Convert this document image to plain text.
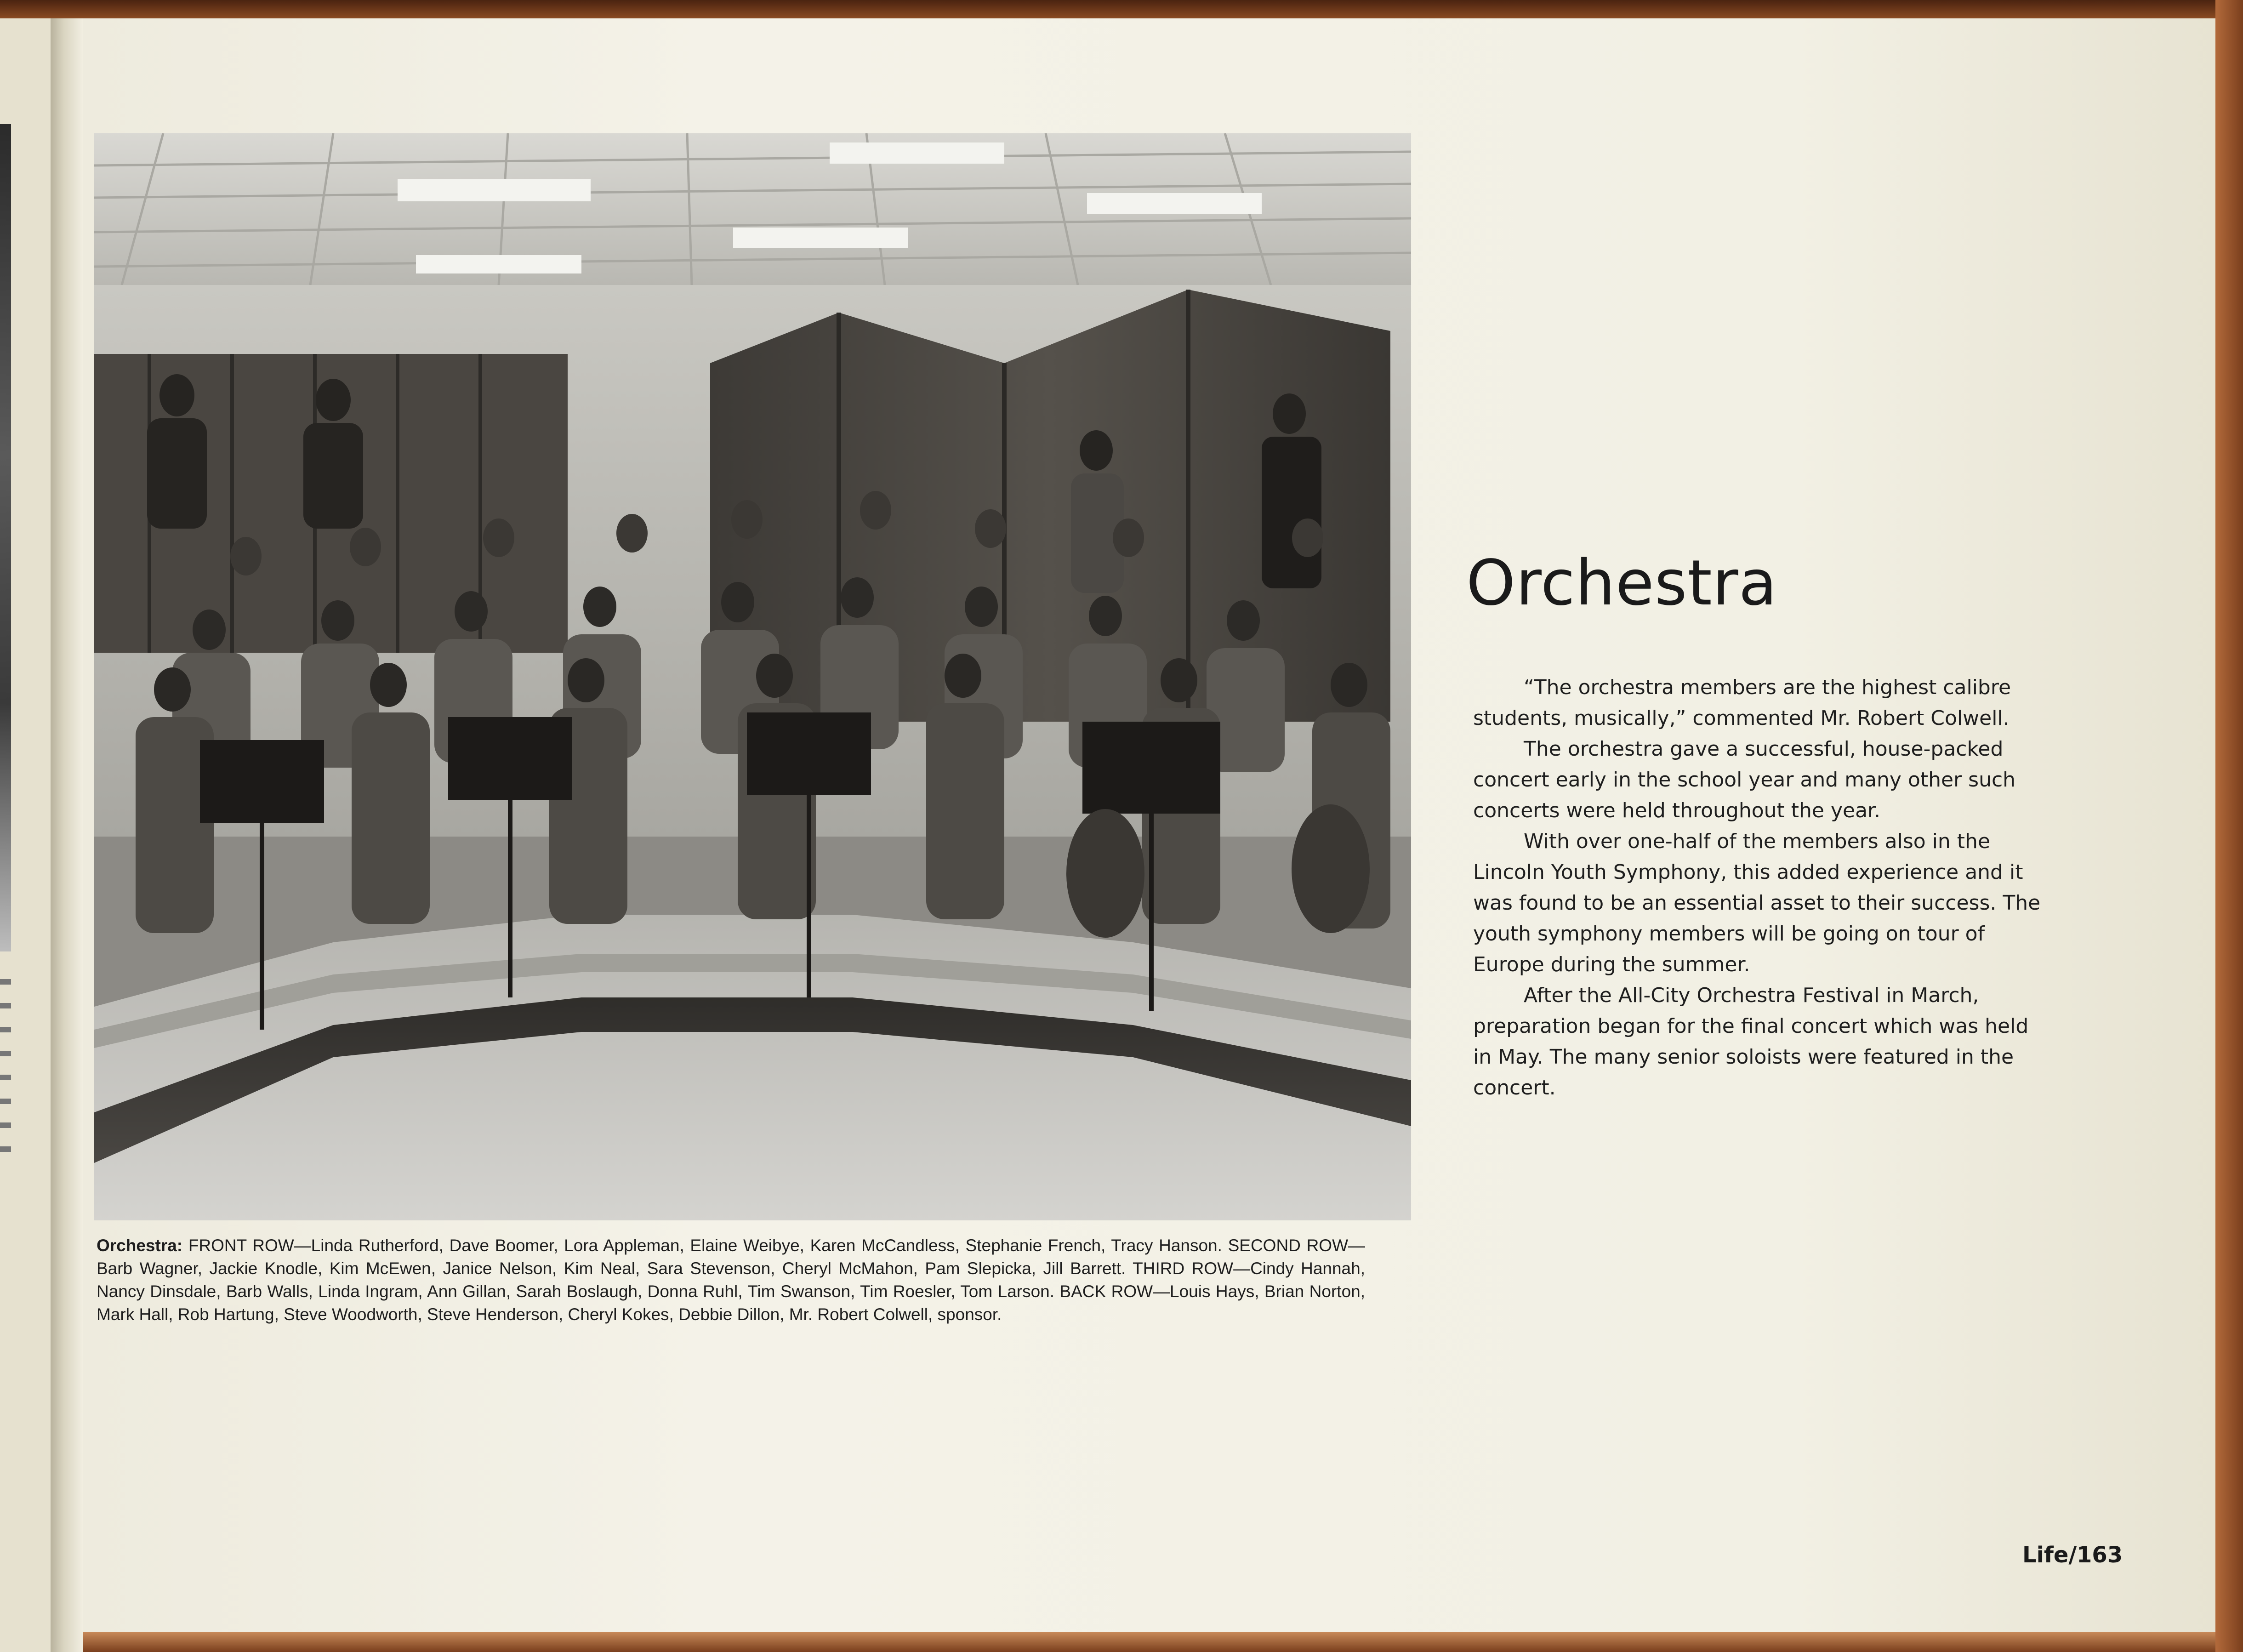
Orchestra: FRONT ROW—Linda Rutherford, Dave Boomer, Lora Appleman, Elaine Weibye, Karen McCandless, Stephanie French, Tracy Hanson. SECOND ROW—Barb Wagner, Jackie Knodle, Kim McEwen, Janice Nelson, Kim Neal, Sara Stevenson, Cheryl McMahon, Pam Slepicka, Jill Barrett. THIRD ROW—Cindy Hannah, Nancy Dinsdale, Barb Walls, Linda Ingram, Ann Gillan, Sarah Boslaugh, Donna Ruhl, Tim Swanson, Tim Roesler, Tom Larson. BACK ROW—Louis Hays, Brian Norton, Mark Hall, Rob Hartung, Steve Woodworth, Steve Henderson, Cheryl Kokes, Debbie Dillon, Mr. Robert Colwell, sponsor.

Orchestra

“The orchestra members are the highest calibre students, musically,” commented Mr. Robert Colwell.

The orchestra gave a successful, house-packed concert early in the school year and many other such concerts were held throughout the year.

With over one-half of the members also in the Lincoln Youth Symphony, this added experience and it was found to be an essential asset to their success. The youth symphony members will be going on tour of Europe during the summer.

After the All-City Orchestra Festival in March, preparation began for the final concert which was held in May. The many senior soloists were featured in the concert.

Life/163
